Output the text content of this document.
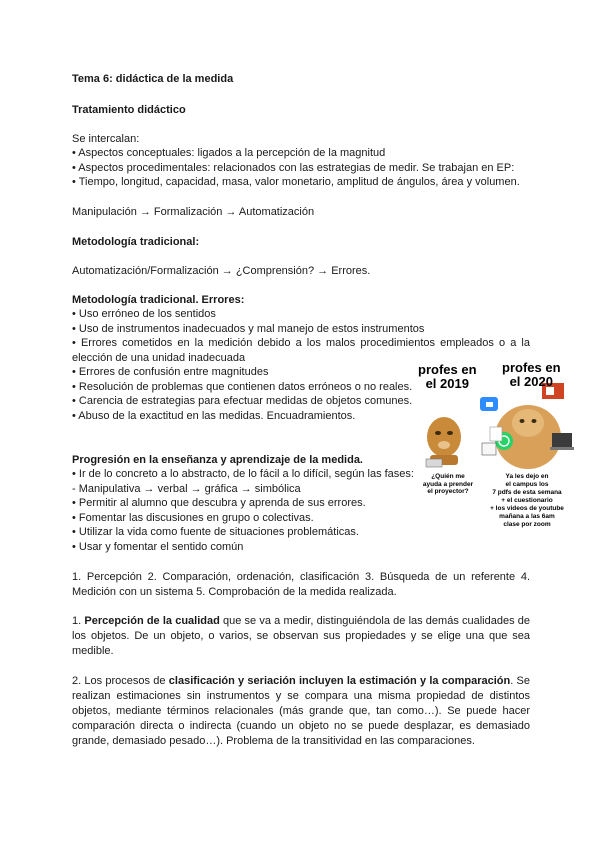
Tema 6: didáctica de la medida
Tratamiento didáctico
Se intercalan:
• Aspectos conceptuales: ligados a la percepción de la magnitud
• Aspectos procedimentales: relacionados con las estrategias de medir. Se trabajan en EP:
• Tiempo, longitud, capacidad, masa, valor monetario, amplitud de ángulos, área y volumen.
Manipulación → Formalización → Automatización
Metodología tradicional:
Automatización/Formalización → ¿Comprensión? → Errores.
Metodología tradicional. Errores:
• Uso erróneo de los sentidos
• Uso de instrumentos inadecuados y mal manejo de estos instrumentos
• Errores cometidos en la medición debido a los malos procedimientos empleados o a la
elección de una unidad inadecuada
• Errores de confusión entre magnitudes
• Resolución de problemas que contienen datos erróneos o no reales.
• Carencia de estrategias para efectuar medidas de objetos comunes.
• Abuso de la exactitud en las medidas. Encuadramientos.
Progresión en la enseñanza y aprendizaje de la medida.
• Ir de lo concreto a lo abstracto, de lo fácil a lo difícil, según las fases:
- Manipulativa → verbal → gráfica → simbólica
• Permitir al alumno que descubra y aprenda de sus errores.
• Fomentar las discusiones en grupo o colectivas.
• Utilizar la vida como fuente de situaciones problemáticas.
• Usar y fomentar el sentido común
1. Percepción 2. Comparación, ordenación, clasificación 3. Búsqueda de un referente 4.
Medición con un sistema 5. Comprobación de la medida realizada.
1. Percepción de la cualidad que se va a medir, distinguiéndola de las demás cualidades de los objetos. De un objeto, o varios, se observan sus propiedades y se elige una que sea medible.
2. Los procesos de clasificación y seriación incluyen la estimación y la comparación. Se realizan estimaciones sin instrumentos y se compara una misma propiedad de distintos objetos, mediante términos relacionales (más grande que, tan como…). Se puede hacer comparación directa o indirecta (cuando un objeto no se puede desplazar, es demasiado grande, demasiado pesado…). Problema de la transitividad en las comparaciones.
profes en
el 2019
profes en
el 2020
¿Quién me
ayuda a prender
el proyector?
Ya les dejo en
el campus los
7 pdfs de esta semana
+ el cuestionario
+ los videos de youtube
mañana a las 6am
clase por zoom
